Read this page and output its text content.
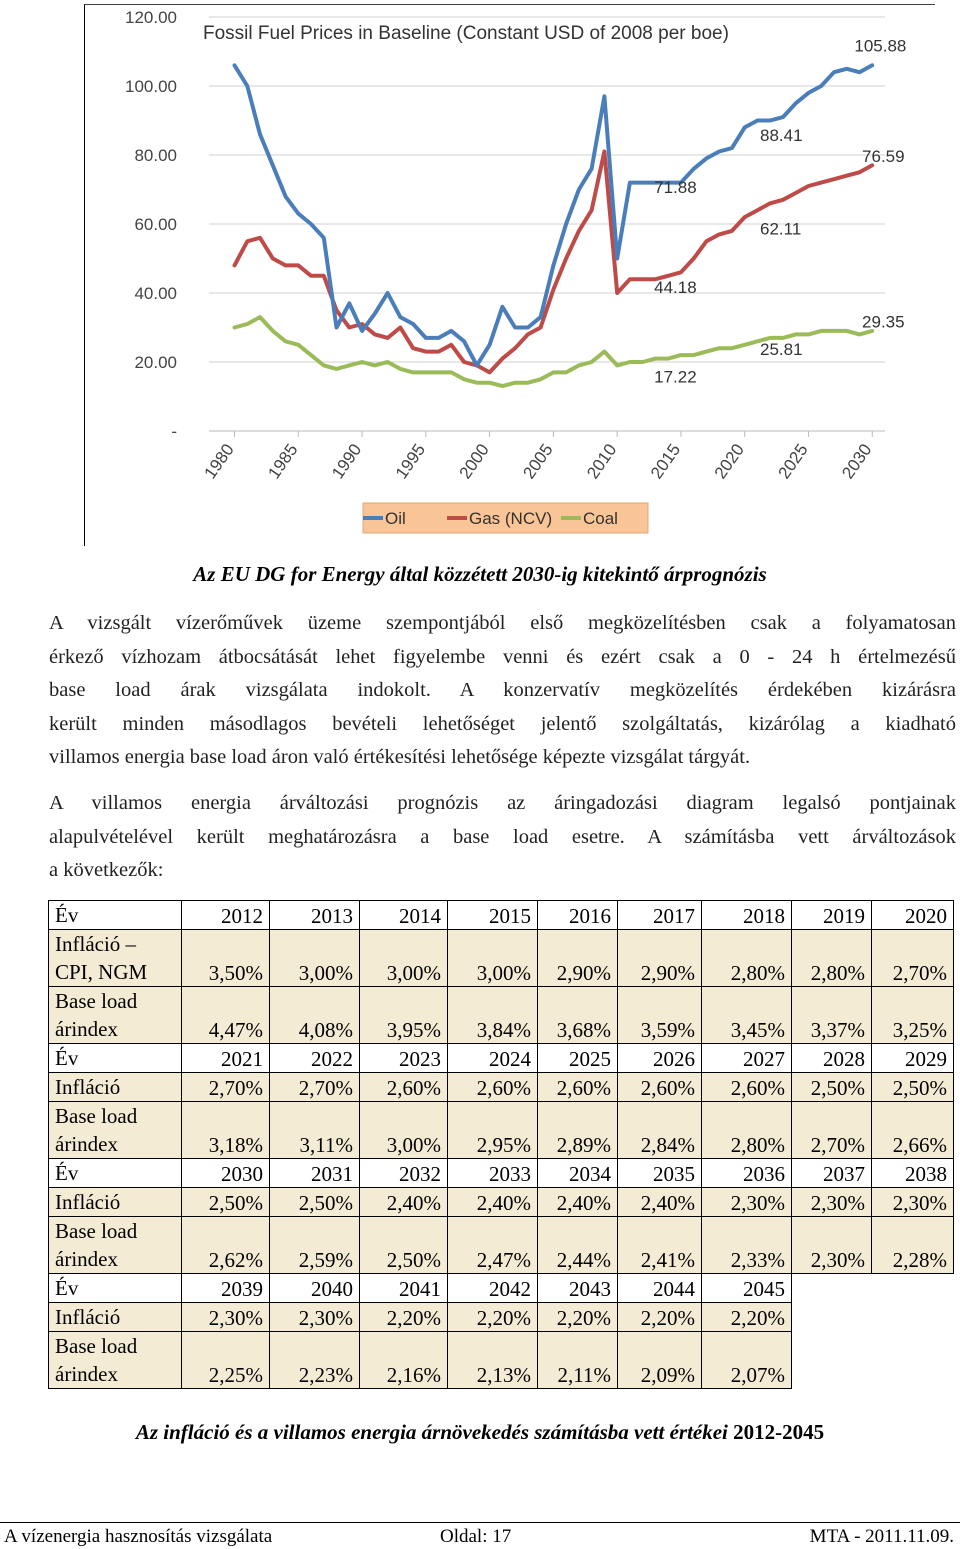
120.00
100.00
80.00
60.00
40.00
20.00
-
1980 1985 1990 1995 2000 2005 2010 2015 2020 2025 2030
Fossil Fuel Prices in Baseline (Constant USD of 2008 per boe)
105.88
88.41
76.59
71.88
62.11
44.18
29.35
25.81
17.22
Oil	Gas (NCV) Coal
Az EU DG for Energy által közzétett 2030-ig kitekintő árprognózis
A vizsgált vízerőművek üzeme szempontjából első megközelítésben csak a folyamatosan
érkező vízhozam átbocsátását lehet figyelembe venni és ezért csak a 0 - 24 h értelmezésű
base load árak vizsgálata indokolt. A konzervatív megközelítés érdekében kizárásra
került minden másodlagos bevételi lehetőséget jelentő szolgáltatás, kizárólag a kiadható
villamos energia base load áron való értékesítési lehetősége képezte vizsgálat tárgyát.
A villamos energia árváltozási prognózis az áringadozási diagram legalsó pontjainak
alapulvételével került meghatározásra a base load esetre. A számításba vett árváltozások
a következők:
Év	2012	2013	2014	2015	2016	2017	2018	2019	2020
Infláció –
CPI, NGM	3,50%	3,00%	3,00%	3,00%	2,90%	2,90%	2,80%	2,80%	2,70%
Base load
árindex	4,47%	4,08%	3,95%	3,84%	3,68%	3,59%	3,45%	3,37%	3,25%
Év	2021	2022	2023	2024	2025	2026	2027	2028	2029
Infláció	2,70%	2,70%	2,60%	2,60%	2,60%	2,60%	2,60%	2,50%	2,50%
Base load
árindex	3,18%	3,11%	3,00%	2,95%	2,89%	2,84%	2,80%	2,70%	2,66%
Év	2030	2031	2032	2033	2034	2035	2036	2037	2038
Infláció	2,50%	2,50%	2,40%	2,40%	2,40%	2,40%	2,30%	2,30%	2,30%
Base load
árindex	2,62%	2,59%	2,50%	2,47%	2,44%	2,41%	2,33%	2,30%	2,28%
Év	2039	2040	2041	2042	2043	2044	2045		
Infláció	2,30%	2,30%	2,20%	2,20%	2,20%	2,20%	2,20%		
Base load
árindex	2,25%	2,23%	2,16%	2,13%	2,11%	2,09%	2,07%		
Az infláció és a villamos energia árnövekedés számításba vett értékei 2012-2045
A vízenergia hasznosítás vizsgálata	Oldal: 17	MTA - 2011.11.09.
